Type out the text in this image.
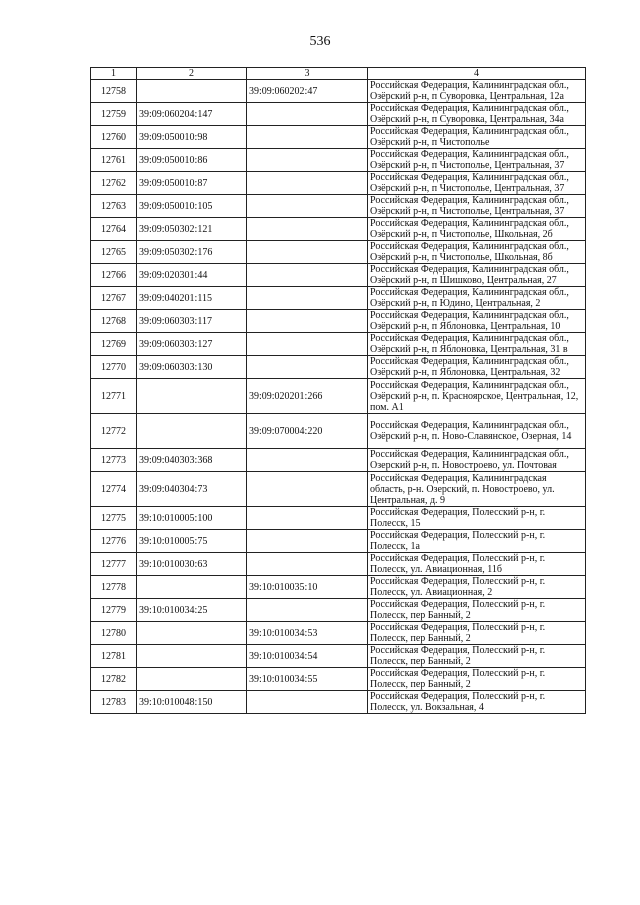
536
1	2	3	4
12758		39:09:060202:47	Российская Федерация, Калининградская обл., Озёрский р-н, п Суворовка, Центральная, 12а
12759	39:09:060204:147		Российская Федерация, Калининградская обл., Озёрский р-н, п Суворовка, Центральная, 34а
12760	39:09:050010:98		Российская Федерация, Калининградская обл., Озёрский р-н, п Чистополье
12761	39:09:050010:86		Российская Федерация, Калининградская обл., Озёрский р-н, п Чистополье, Центральная, 37
12762	39:09:050010:87		Российская Федерация, Калининградская обл., Озёрский р-н, п Чистополье, Центральная, 37
12763	39:09:050010:105		Российская Федерация, Калининградская обл., Озёрский р-н, п Чистополье, Центральная, 37
12764	39:09:050302:121		Российская Федерация, Калининградская обл., Озёрский р-н, п Чистополье, Школьная, 2б
12765	39:09:050302:176		Российская Федерация, Калининградская обл., Озёрский р-н, п Чистополье, Школьная, 8б
12766	39:09:020301:44		Российская Федерация, Калининградская обл., Озёрский р-н, п Шишково, Центральная, 27
12767	39:09:040201:115		Российская Федерация, Калининградская обл., Озёрский р-н, п Юдино, Центральная, 2
12768	39:09:060303:117		Российская Федерация, Калининградская обл., Озёрский р-н, п Яблоновка, Центральная, 10
12769	39:09:060303:127		Российская Федерация, Калининградская обл., Озёрский р-н, п Яблоновка, Центральная, 31 в
12770	39:09:060303:130		Российская Федерация, Калининградская обл., Озёрский р-н, п Яблоновка, Центральная, 32
12771		39:09:020201:266	Российская Федерация, Калининградская обл., Озёрский р-н, п. Красноярское, Центральная, 12, пом. А1
12772		39:09:070004:220	Российская Федерация, Калининградская обл., Озёрский р-н, п. Ново-Славянское, Озерная, 14
12773	39:09:040303:368		Российская Федерация, Калининградская обл., Озерский р-н, п. Новостроево, ул. Почтовая
12774	39:09:040304:73		Российская Федерация, Калининградская область, р-н. Озерский, п. Новостроево, ул. Центральная, д. 9
12775	39:10:010005:100		Российская Федерация, Полесский р-н, г. Полесск, 15
12776	39:10:010005:75		Российская Федерация, Полесский р-н, г. Полесск, 1а
12777	39:10:010030:63		Российская Федерация, Полесский р-н, г. Полесск, ул. Авиационная, 11б
12778		39:10:010035:10	Российская Федерация, Полесский р-н, г. Полесск, ул. Авиационная, 2
12779	39:10:010034:25		Российская Федерация, Полесский р-н, г. Полесск, пер Банный, 2
12780		39:10:010034:53	Российская Федерация, Полесский р-н, г. Полесск, пер Банный, 2
12781		39:10:010034:54	Российская Федерация, Полесский р-н, г. Полесск, пер Банный, 2
12782		39:10:010034:55	Российская Федерация, Полесский р-н, г. Полесск, пер Банный, 2
12783	39:10:010048:150		Российская Федерация, Полесский р-н, г. Полесск, ул. Вокзальная, 4
